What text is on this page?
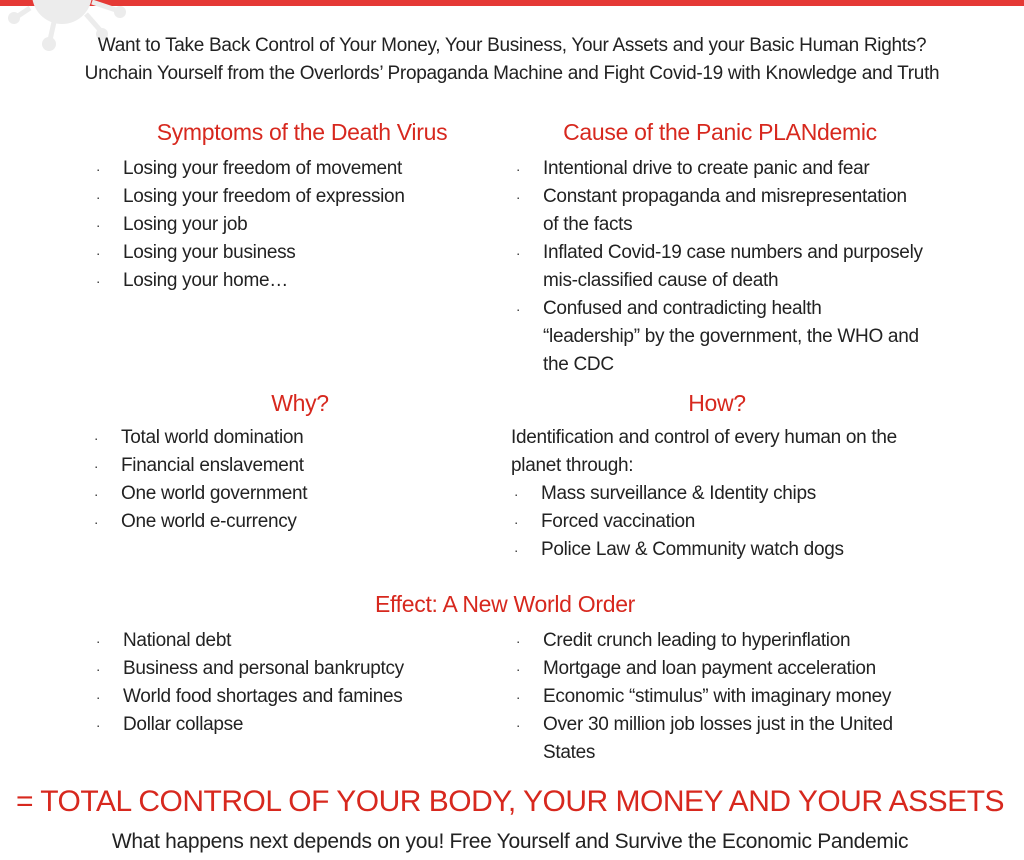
Want to Take Back Control of Your Money, Your Business, Your Assets and your Basic Human Rights?
Unchain Yourself from the Overlords’ Propaganda Machine and Fight Covid-19 with Knowledge and Truth
Symptoms of the Death Virus
· Losing your freedom of movement
· Losing your freedom of expression
· Losing your job
· Losing your business
· Losing your home…
Cause of the Panic PLANdemic
· Intentional drive to create panic and fear
· Constant propaganda and misrepresentation of the facts
· Inflated Covid-19 case numbers and purposely mis-classified cause of death
· Confused and contradicting health “leadership” by the government, the WHO and the CDC
Why?
· Total world domination
· Financial enslavement
· One world government
· One world e-currency
How?
Identification and control of every human on the planet through:
· Mass surveillance & Identity chips
· Forced vaccination
· Police Law & Community watch dogs
Effect: A New World Order
· National debt
· Business and personal bankruptcy
· World food shortages and famines
· Dollar collapse
· Credit crunch leading to hyperinflation
· Mortgage and loan payment acceleration
· Economic “stimulus” with imaginary money
· Over 30 million job losses just in the United States
= TOTAL CONTROL OF YOUR BODY, YOUR MONEY AND YOUR ASSETS
What happens next depends on you! Free Yourself and Survive the Economic Pandemic
